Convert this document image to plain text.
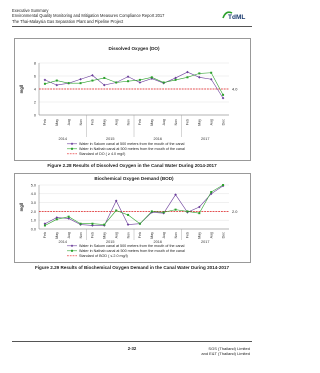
Executive Summary
Environmental Quality Monitoring and Mitigation Measures Compliance Report 2017
The Thai-Malaysia Gas Separation Plant and Pipeline Project
TdML
Dissolved Oxygen (DO)
0
2
4
6
8
mg/l
Feb May Aug Nov Feb May Aug Nov Feb May Aug Nov Feb May Aug Dec
2014	2015	2016	2017
4.0
Water in Sakom canal at 500 meters from the mouth of the canal
Water in Nathab canal at 500 meters from the mouth of the canal
Standard of DO ( ≥ 4.0 mg/l)
Figure 2.28 Results of Dissolved Oxygen in the Canal Water During 2014-2017
Biochemical Oxygen Demand (BOD)
0.0
1.0
2.0
3.0
4.0
5.0
mg/l
Feb May Aug Nov Feb May Aug Nov Feb May Aug Nov Feb May Aug Dec
2014	2015	2016	2017
2.0
Water in Sakom canal at 500 meters from the mouth of the canal
Water in Nathab canal at 500 meters from the mouth of the canal
Standard of BOD ( ≤ 2.0 mg/l)
Figure 2.29 Results of Biochemical Oxygen Demand in the Canal Water During 2014-2017
2-32	SGS (Thailand) Limited
and E&T (Thailand) Limited
